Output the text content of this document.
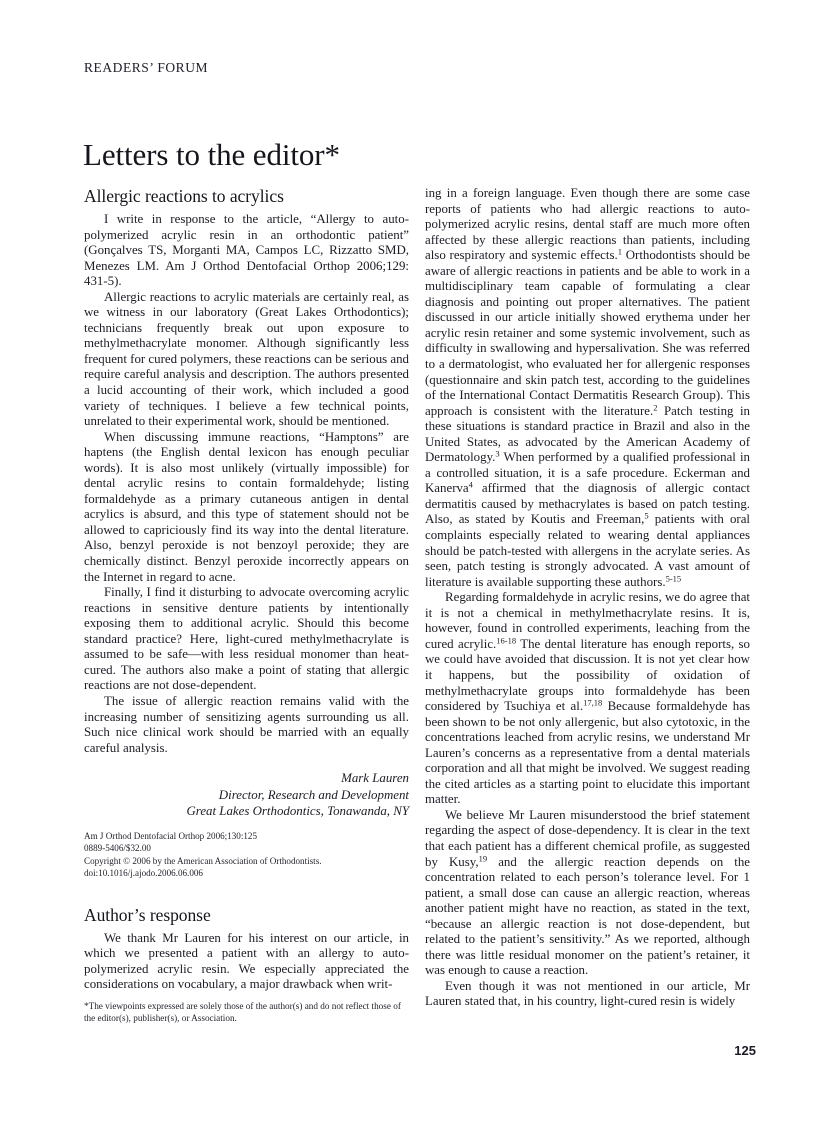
READERS’ FORUM
Letters to the editor*
Allergic reactions to acrylics

I write in response to the article, “Allergy to auto-polymerized acrylic resin in an orthodontic patient” (Gonçalves TS, Morganti MA, Campos LC, Rizzatto SMD, Menezes LM. Am J Orthod Dentofacial Orthop 2006;129: 431-5).

Allergic reactions to acrylic materials are certainly real, as we witness in our laboratory (Great Lakes Orthodontics); technicians frequently break out upon exposure to methylmethacrylate monomer. Although significantly less frequent for cured polymers, these reactions can be serious and require careful analysis and description. The authors presented a lucid accounting of their work, which included a good variety of techniques. I believe a few technical points, unrelated to their experimental work, should be mentioned.

When discussing immune reactions, “Hamptons” are haptens (the English dental lexicon has enough peculiar words). It is also most unlikely (virtually impossible) for dental acrylic resins to contain formaldehyde; listing formaldehyde as a primary cutaneous antigen in dental acrylics is absurd, and this type of statement should not be allowed to capriciously find its way into the dental literature. Also, benzyl peroxide is not benzoyl peroxide; they are chemically distinct. Benzyl peroxide incorrectly appears on the Internet in regard to acne.

Finally, I find it disturbing to advocate overcoming acrylic reactions in sensitive denture patients by intentionally exposing them to additional acrylic. Should this become standard practice? Here, light-cured methylmethacrylate is assumed to be safe—with less residual monomer than heat-cured. The authors also make a point of stating that allergic reactions are not dose-dependent.

The issue of allergic reaction remains valid with the increasing number of sensitizing agents surrounding us all. Such nice clinical work should be married with an equally careful analysis.

Mark Lauren
Director, Research and Development
Great Lakes Orthodontics, Tonawanda, NY
Am J Orthod Dentofacial Orthop 2006;130:125
0889-5406/$32.00
Copyright © 2006 by the American Association of Orthodontists.
doi:10.1016/j.ajodo.2006.06.006
Author’s response

We thank Mr Lauren for his interest on our article, in which we presented a patient with an allergy to auto-polymerized acrylic resin. We especially appreciated the considerations on vocabulary, a major drawback when writ-

ing in a foreign language. Even though there are some case reports of patients who had allergic reactions to auto-polymerized acrylic resins, dental staff are much more often affected by these allergic reactions than patients, including also respiratory and systemic effects.$^1$ Orthodontists should be aware of allergic reactions in patients and be able to work in a multidisciplinary team capable of formulating a clear diagnosis and pointing out proper alternatives. The patient discussed in our article initially showed erythema under her acrylic resin retainer and some systemic involvement, such as difficulty in swallowing and hypersalivation. She was referred to a dermatologist, who evaluated her for allergenic responses (questionnaire and skin patch test, according to the guidelines of the International Contact Dermatitis Research Group). This approach is consistent with the literature.$^2$ Patch testing in these situations is standard practice in Brazil and also in the United States, as advocated by the American Academy of Dermatology.$^3$ When performed by a qualified professional in a controlled situation, it is a safe procedure. Eckerman and Kanerva$^4$ affirmed that the diagnosis of allergic contact dermatitis caused by methacrylates is based on patch testing. Also, as stated by Koutis and Freeman,$^5$ patients with oral complaints especially related to wearing dental appliances should be patch-tested with allergens in the acrylate series. As seen, patch testing is strongly advocated. A vast amount of literature is available supporting these authors.$^{5-15}$

Regarding formaldehyde in acrylic resins, we do agree that it is not a chemical in methylmethacrylate resins. It is, however, found in controlled experiments, leaching from the cured acrylic.$^{16-18}$ The dental literature has enough reports, so we could have avoided that discussion. It is not yet clear how it happens, but the possibility of oxidation of methylmethacrylate groups into formaldehyde has been considered by Tsuchiya et al.$^{17,18}$ Because formaldehyde has been shown to be not only allergenic, but also cytotoxic, in the concentrations leached from acrylic resins, we understand Mr Lauren’s concerns as a representative from a dental materials corporation and all that might be involved. We suggest reading the cited articles as a starting point to elucidate this important matter.

We believe Mr Lauren misunderstood the brief statement regarding the aspect of dose-dependency. It is clear in the text that each patient has a different chemical profile, as suggested by Kusy,$^{19}$ and the allergic reaction depends on the concentration related to each person’s tolerance level. For 1 patient, a small dose can cause an allergic reaction, whereas another patient might have no reaction, as stated in the text, “because an allergic reaction is not dose-dependent, but related to the patient’s sensitivity.” As we reported, although there was little residual monomer on the patient’s retainer, it was enough to cause a reaction.

Even though it was not mentioned in our article, Mr Lauren stated that, in his country, light-cured resin is widely

*The viewpoints expressed are solely those of the author(s) and do not reflect those of the editor(s), publisher(s), or Association.
125
